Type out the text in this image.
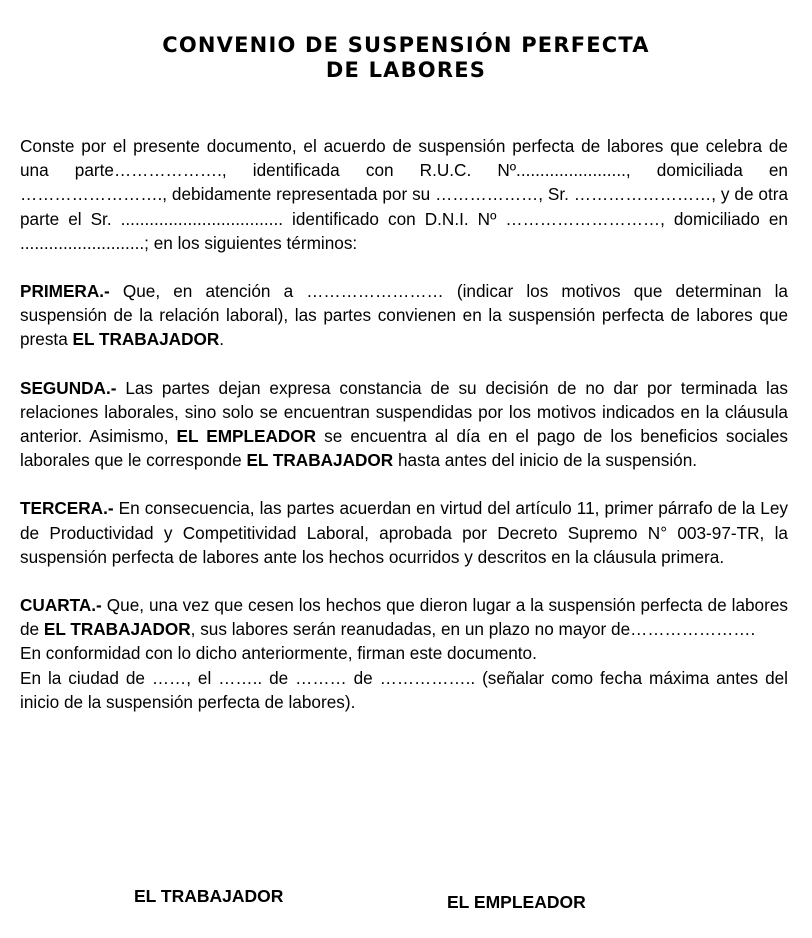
CONVENIO DE SUSPENSIÓN PERFECTA
DE LABORES

Conste por el presente documento, el acuerdo de suspensión perfecta de labores que celebra de una parte………………., identificada con R.U.C. Nº......................., domiciliada en ……………………., debidamente representada por su ………………, Sr. ……………………, y de otra parte el Sr. .................................. identificado con D.N.I. Nº ………………………, domiciliado en ..........................; en los siguientes términos:

PRIMERA.- Que, en atención a …………………… (indicar los motivos que determinan la suspensión de la relación laboral), las partes convienen en la suspensión perfecta de labores que presta EL TRABAJADOR.

SEGUNDA.- Las partes dejan expresa constancia de su decisión de no dar por terminada las relaciones laborales, sino solo se encuentran suspendidas por los motivos indicados en la cláusula anterior. Asimismo, EL EMPLEADOR se encuentra al día en el pago de los beneficios sociales laborales que le corresponde EL TRABAJADOR hasta antes del inicio de la suspensión.

TERCERA.- En consecuencia, las partes acuerdan en virtud del artículo 11, primer párrafo de la Ley de Productividad y Competitividad Laboral, aprobada por Decreto Supremo N° 003-97-TR, la suspensión perfecta de labores ante los hechos ocurridos y descritos en la cláusula primera.

CUARTA.- Que, una vez que cesen los hechos que dieron lugar a la suspensión perfecta de labores de EL TRABAJADOR, sus labores serán reanudadas, en un plazo no mayor de………………….

En conformidad con lo dicho anteriormente, firman este documento.

En la ciudad de ……, el …….. de ……… de …………….. (señalar como fecha máxima antes del inicio de la suspensión perfecta de labores).

EL TRABAJADOR	EL EMPLEADOR
